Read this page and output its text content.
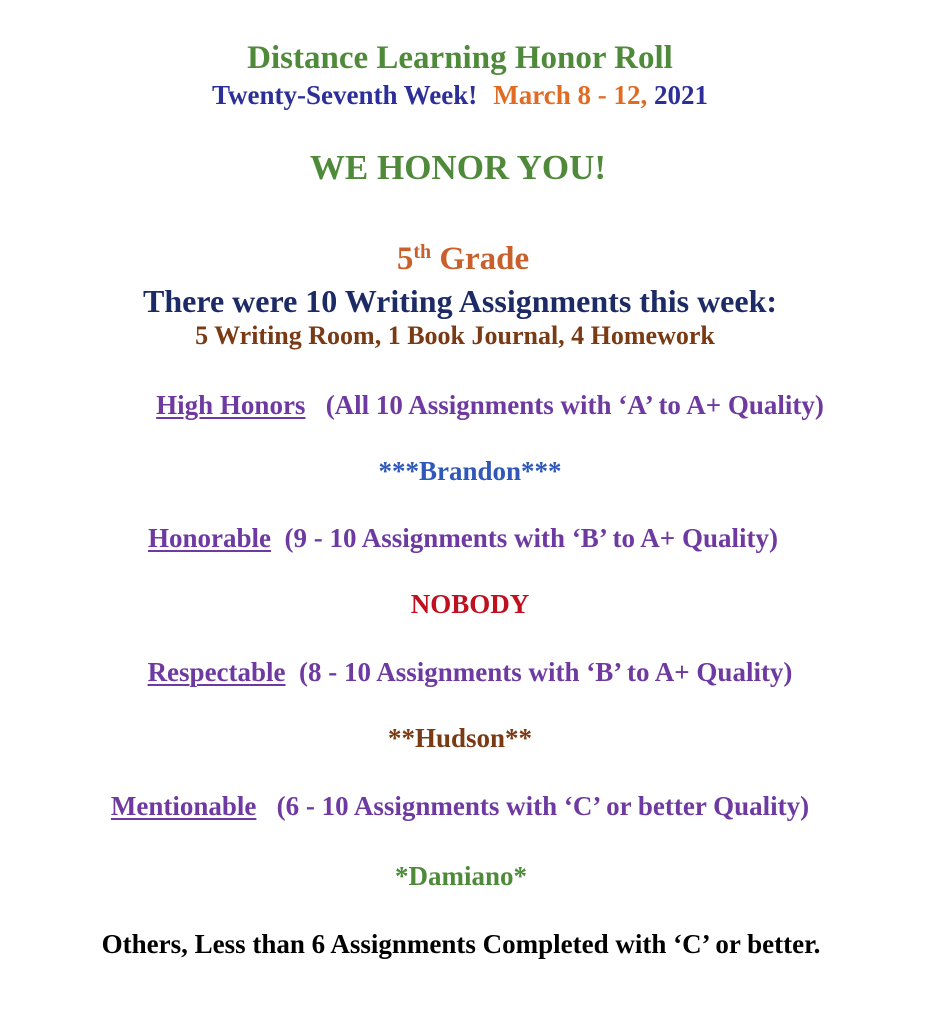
Distance Learning Honor Roll
Twenty-Seventh Week! March 8 - 12, 2021
WE HONOR YOU!
5th Grade
There were 10 Writing Assignments this week:
5 Writing Room, 1 Book Journal, 4 Homework
High Honors (All 10 Assignments with ‘A’ to A+ Quality)
***Brandon***
Honorable (9 - 10 Assignments with ‘B’ to A+ Quality)
NOBODY
Respectable (8 - 10 Assignments with ‘B’ to A+ Quality)
**Hudson**
Mentionable (6 - 10 Assignments with ‘C’ or better Quality)
*Damiano*
Others, Less than 6 Assignments Completed with ‘C’ or better.
